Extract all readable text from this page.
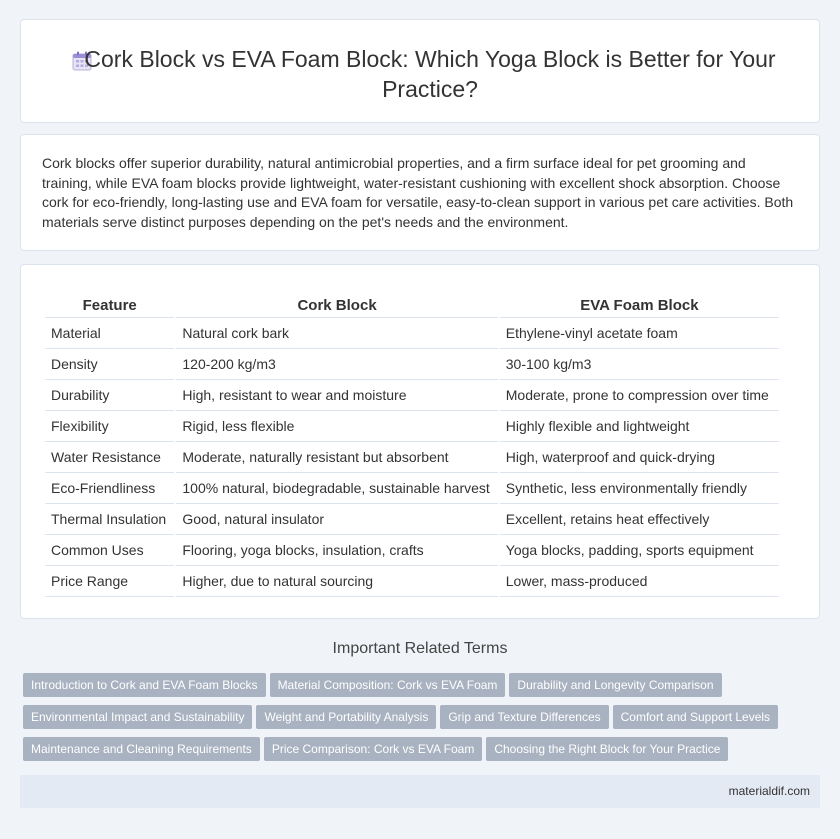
Cork Block vs EVA Foam Block: Which Yoga Block is Better for Your Practice?

Cork blocks offer superior durability, natural antimicrobial properties, and a firm surface ideal for pet grooming and training, while EVA foam blocks provide lightweight, water-resistant cushioning with excellent shock absorption. Choose cork for eco-friendly, long-lasting use and EVA foam for versatile, easy-to-clean support in various pet care activities. Both materials serve distinct purposes depending on the pet's needs and the environment.

Feature	Cork Block	EVA Foam Block
Material	Natural cork bark	Ethylene-vinyl acetate foam
Density	120-200 kg/m3	30-100 kg/m3
Durability	High, resistant to wear and moisture	Moderate, prone to compression over time
Flexibility	Rigid, less flexible	Highly flexible and lightweight
Water Resistance	Moderate, naturally resistant but absorbent	High, waterproof and quick-drying
Eco-Friendliness	100% natural, biodegradable, sustainable harvest	Synthetic, less environmentally friendly
Thermal Insulation	Good, natural insulator	Excellent, retains heat effectively
Common Uses	Flooring, yoga blocks, insulation, crafts	Yoga blocks, padding, sports equipment
Price Range	Higher, due to natural sourcing	Lower, mass-produced
Important Related Terms
Introduction to Cork and EVA Foam Blocks Material Composition: Cork vs EVA Foam Durability and Longevity Comparison
Environmental Impact and Sustainability Weight and Portability Analysis Grip and Texture Differences Comfort and Support Levels
Maintenance and Cleaning Requirements Price Comparison: Cork vs EVA Foam Choosing the Right Block for Your Practice
materialdif.com
